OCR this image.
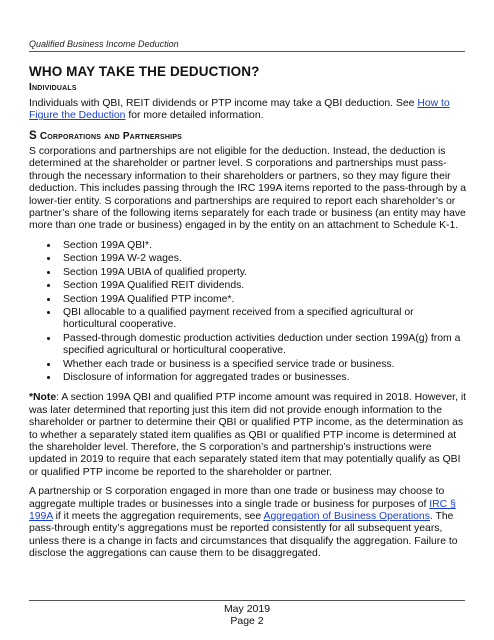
Qualified Business Income Deduction
WHO MAY TAKE THE DEDUCTION?
Individuals

Individuals with QBI, REIT dividends or PTP income may take a QBI deduction. See How to Figure the Deduction for more detailed information.

S Corporations and Partnerships

S corporations and partnerships are not eligible for the deduction. Instead, the deduction is determined at the shareholder or partner level. S corporations and partnerships must pass-through the necessary information to their shareholders or partners, so they may figure their deduction. This includes passing through the IRC 199A items reported to the pass-through by a lower-tier entity. S corporations and partnerships are required to report each shareholder’s or partner’s share of the following items separately for each trade or business (an entity may have more than one trade or business) engaged in by the entity on an attachment to Schedule K-1.

• Section 199A QBI*.
• Section 199A W-2 wages.
• Section 199A UBIA of qualified property.
• Section 199A Qualified REIT dividends.
• Section 199A Qualified PTP income*.
• QBI allocable to a qualified payment received from a specified agricultural or horticultural cooperative.
• Passed-through domestic production activities deduction under section 199A(g) from a specified agricultural or horticultural cooperative.
• Whether each trade or business is a specified service trade or business.
• Disclosure of information for aggregated trades or businesses.

*Note: A section 199A QBI and qualified PTP income amount was required in 2018. However, it was later determined that reporting just this item did not provide enough information to the shareholder or partner to determine their QBI or qualified PTP income, as the determination as to whether a separately stated item qualifies as QBI or qualified PTP income is determined at the shareholder level. Therefore, the S corporation’s and partnership’s instructions were updated in 2019 to require that each separately stated item that may potentially qualify as QBI or qualified PTP income be reported to the shareholder or partner.

A partnership or S corporation engaged in more than one trade or business may choose to aggregate multiple trades or businesses into a single trade or business for purposes of IRC § 199A if it meets the aggregation requirements, see Aggregation of Business Operations. The pass-through entity’s aggregations must be reported consistently for all subsequent years, unless there is a change in facts and circumstances that disqualify the aggregation. Failure to disclose the aggregations can cause them to be disaggregated.

May 2019
Page 2
